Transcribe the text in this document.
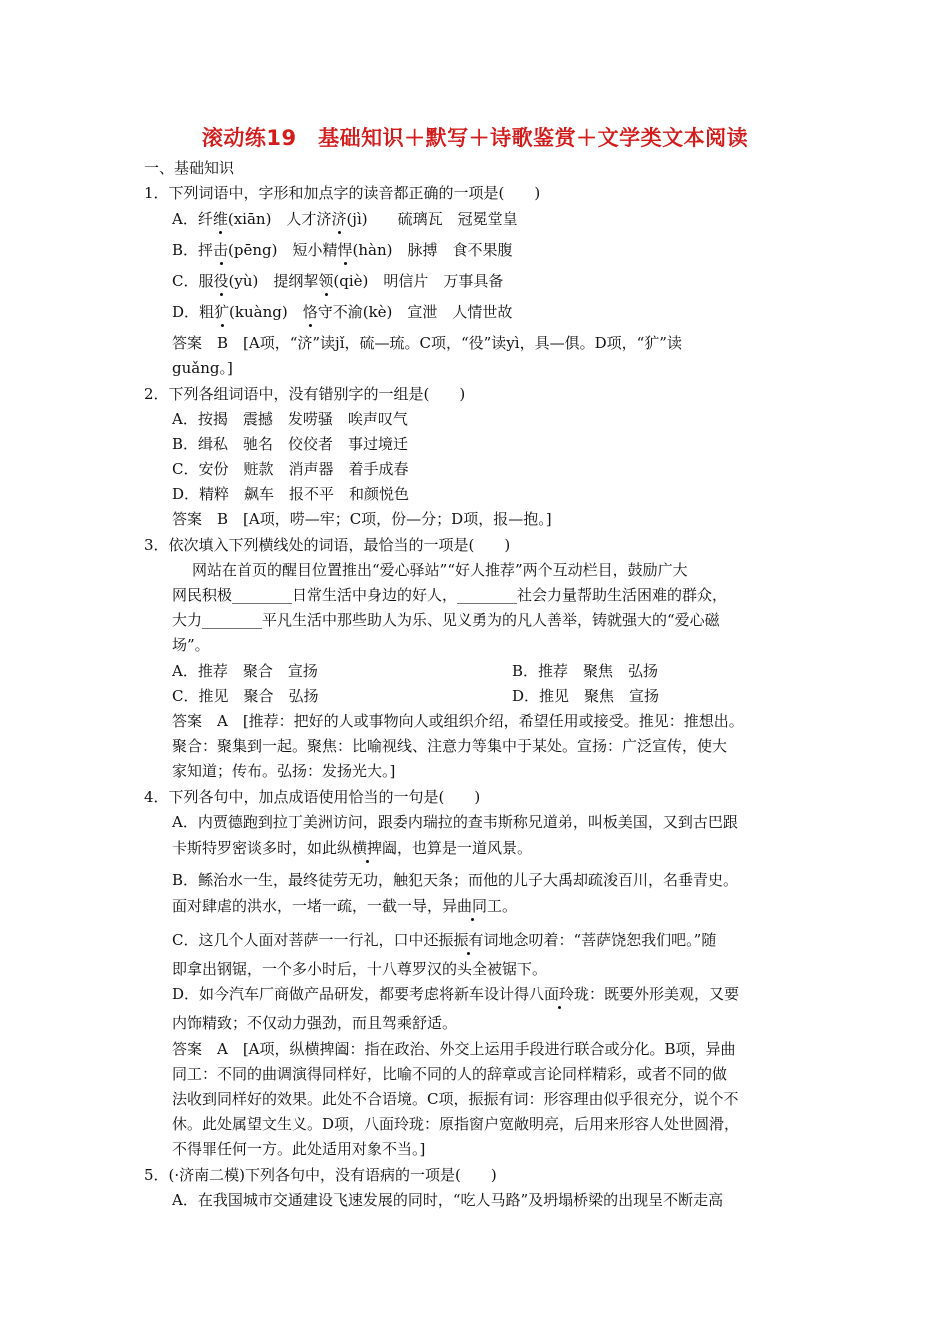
滚动练19　基础知识＋默写＋诗歌鉴赏＋文学类文本阅读
一、基础知识
1．下列词语中，字形和加点字的读音都正确的一项是(　　)
A．纤维(xiān)　人才济济(jì)　　硫璃瓦　冠冕堂皇
B．抨击(pēng)　短小精悍(hàn)　脉搏　食不果腹
C．服役(yù)　提纲挈领(qiè)　明信片　万事具备
D．粗犷(kuàng)　恪守不渝(kè)　宣泄　人情世故
答案　B　[A项，“济”读jǐ，硫—琉。C项，“役”读yì，具—俱。D项，“犷”读
guǎng。]
2．下列各组词语中，没有错别字的一组是(　　)
A．按揭　震撼　发唠骚　唉声叹气
B．缉私　驰名　佼佼者　事过境迁
C．安份　赃款　消声器　着手成春
D．精粹　飙车　报不平　和颜悦色
答案　B　[A项，唠—牢；C项，份—分；D项，报—抱。]
3．依次填入下列横线处的词语，最恰当的一项是(　　)
网站在首页的醒目位置推出“爱心驿站”“好人推荐”两个互动栏目，鼓励广大
网民积极________日常生活中身边的好人，________社会力量帮助生活困难的群众，
大力________平凡生活中那些助人为乐、见义勇为的凡人善举，铸就强大的“爱心磁
场”。
A．推荐　聚合　宣扬	B．推荐　聚焦　弘扬
C．推见　聚合　弘扬	D．推见　聚焦　宣扬
答案　A　[推荐：把好的人或事物向人或组织介绍，希望任用或接受。推见：推想出。
聚合：聚集到一起。聚焦：比喻视线、注意力等集中于某处。宣扬：广泛宣传，使大
家知道；传布。弘扬：发扬光大。]
4．下列各句中，加点成语使用恰当的一句是(　　)
A．内贾德跑到拉丁美洲访问，跟委内瑞拉的查韦斯称兄道弟，叫板美国，又到古巴跟
卡斯特罗密谈多时，如此纵横捭阖，也算是一道风景。
B．鲧治水一生，最终徒劳无功，触犯天条；而他的儿子大禹却疏浚百川，名垂青史。
面对肆虐的洪水，一堵一疏，一截一导，异曲同工。
C．这几个人面对菩萨一一行礼，口中还振振有词地念叨着：“菩萨饶恕我们吧。”随
即拿出钢锯，一个多小时后，十八尊罗汉的头全被锯下。
D．如今汽车厂商做产品研发，都要考虑将新车设计得八面玲珑：既要外形美观，又要
内饰精致；不仅动力强劲，而且驾乘舒适。
答案　A　[A项，纵横捭阖：指在政治、外交上运用手段进行联合或分化。B项，异曲
同工：不同的曲调演得同样好，比喻不同的人的辞章或言论同样精彩，或者不同的做
法收到同样好的效果。此处不合语境。C项，振振有词：形容理由似乎很充分，说个不
休。此处属望文生义。D项，八面玲珑：原指窗户宽敞明亮，后用来形容人处世圆滑，
不得罪任何一方。此处适用对象不当。]
5．(·济南二模)下列各句中，没有语病的一项是(　　)
A．在我国城市交通建设飞速发展的同时，“吃人马路”及坍塌桥梁的出现呈不断走高
